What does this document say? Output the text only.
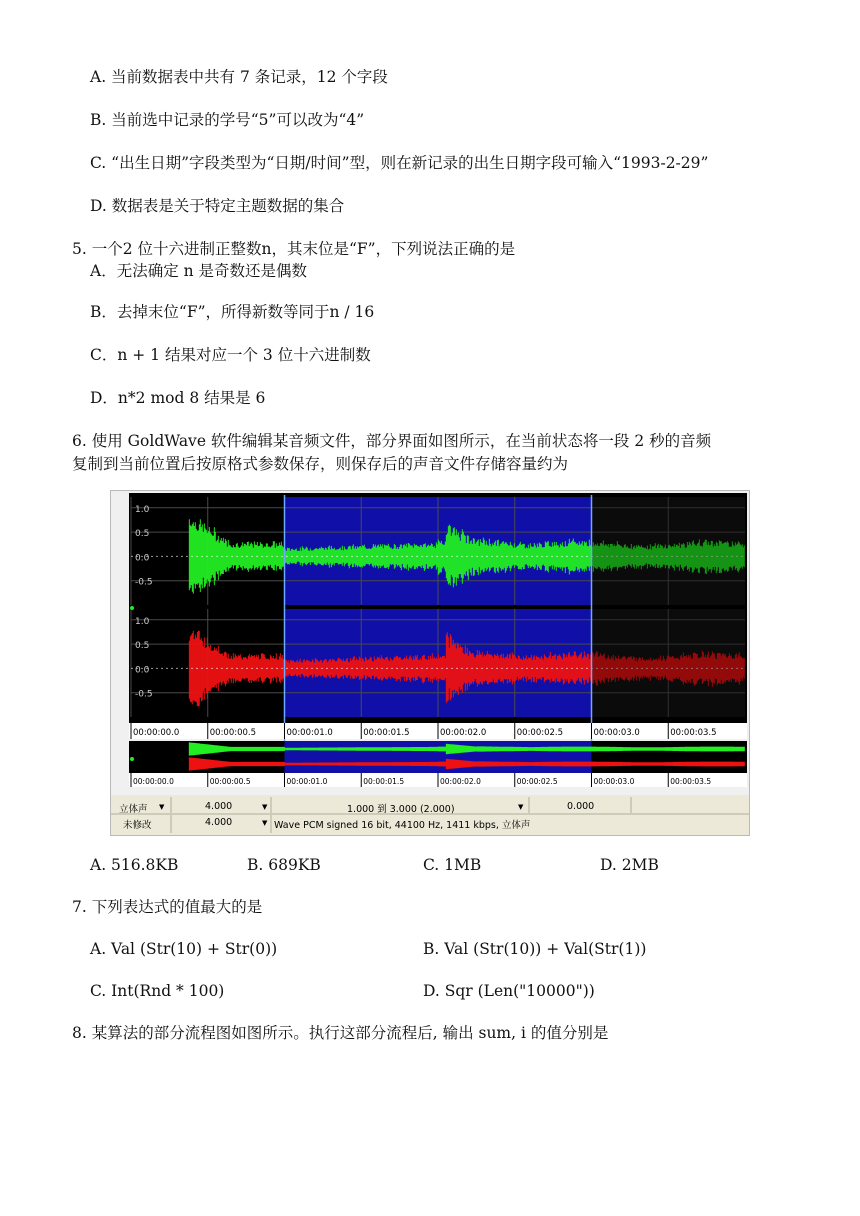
A. 当前数据表中共有 7 条记录，12 个字段
B. 当前选中记录的学号“5”可以改为“4”
C. “出生日期”字段类型为“日期/时间”型，则在新记录的出生日期字段可输入“1993-2-29”
D. 数据表是关于特定主题数据的集合
5. 一个2 位十六进制正整数n，其末位是“F”，下列说法正确的是
A．无法确定 n 是奇数还是偶数
B．去掉末位“F”，所得新数等同于n / 16
C．n + 1 结果对应一个 3 位十六进制数
D．n*2 mod 8 结果是 6
6. 使用 GoldWave 软件编辑某音频文件，部分界面如图所示，在当前状态将一段 2 秒的音频
复制到当前位置后按原格式参数保存，则保存后的声音文件存储容量约为
1.0
0.5
0.0
-0.5
1.0
0.5
0.0
-0.5
00:00:00.0	00:00:00.5	00:00:01.0	00:00:01.5	00:00:02.0	00:00:02.5	00:00:03.0	00:00:03.5
00:00:00.0	00:00:00.5	00:00:01.0	00:00:01.5	00:00:02.0	00:00:02.5	00:00:03.0	00:00:03.5
立体声 ▼	4.000	▼	1.000 到 3.000 (2.000)	▼	0.000
未修改	4.000	▼ Wave PCM signed 16 bit, 44100 Hz, 1411 kbps, 立体声
A. 516.8KB	B. 689KB	C. 1MB	D. 2MB
7. 下列表达式的值最大的是
A. Val (Str(10) + Str(0))	B. Val (Str(10)) + Val(Str(1))
C. Int(Rnd * 100)	D. Sqr (Len("10000"))
8. 某算法的部分流程图如图所示。执行这部分流程后, 输出 sum, i 的值分别是
